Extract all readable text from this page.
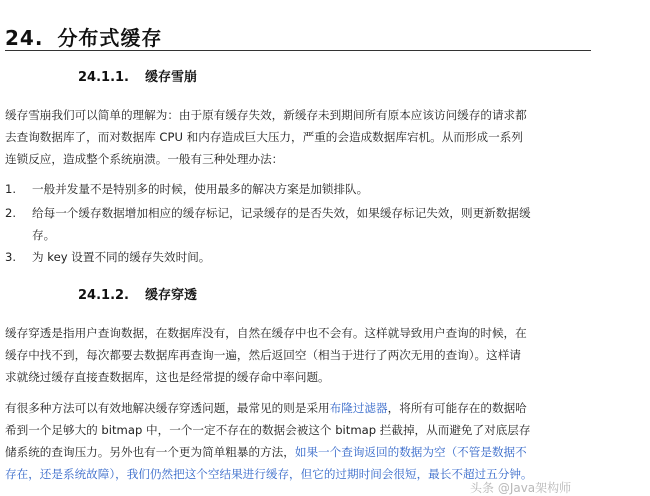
24. 分布式缓存
24.1.1. 缓存雪崩
缓存雪崩我们可以简单的理解为：由于原有缓存失效，新缓存未到期间所有原本应该访问缓存的请求都
去查询数据库了，而对数据库 CPU 和内存造成巨大压力，严重的会造成数据库宕机。从而形成一系列
连锁反应，造成整个系统崩溃。一般有三种处理办法：
1. 一般并发量不是特别多的时候，使用最多的解决方案是加锁排队。
2. 给每一个缓存数据增加相应的缓存标记，记录缓存的是否失效，如果缓存标记失效，则更新数据缓
存。
3. 为 key 设置不同的缓存失效时间。
24.1.2. 缓存穿透
缓存穿透是指用户查询数据，在数据库没有，自然在缓存中也不会有。这样就导致用户查询的时候，在
缓存中找不到，每次都要去数据库再查询一遍，然后返回空（相当于进行了两次无用的查询）。这样请
求就绕过缓存直接查数据库，这也是经常提的缓存命中率问题。
有很多种方法可以有效地解决缓存穿透问题，最常见的则是采用布隆过滤器，将所有可能存在的数据哈
希到一个足够大的 bitmap 中，一个一定不存在的数据会被这个 bitmap 拦截掉，从而避免了对底层存
储系统的查询压力。另外也有一个更为简单粗暴的方法，如果一个查询返回的数据为空（不管是数据不
存在，还是系统故障），我们仍然把这个空结果进行缓存，但它的过期时间会很短，最长不超过五分钟。
头条 @Java架构师
